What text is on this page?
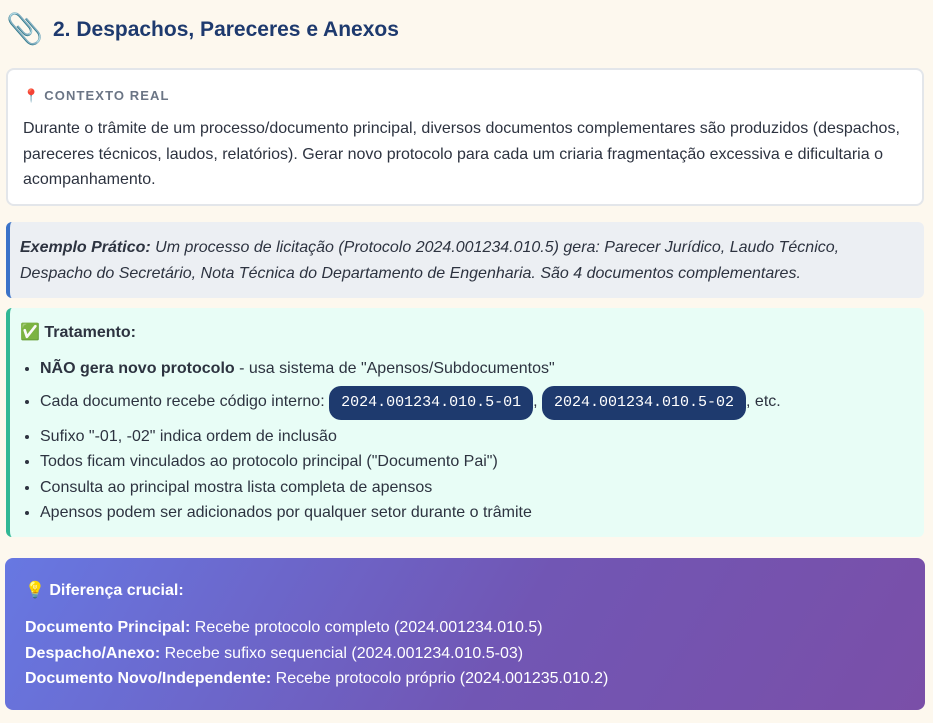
📎 2. Despachos, Pareceres e Anexos
📍 CONTEXTO REAL

Durante o trâmite de um processo/documento principal, diversos documentos complementares são produzidos (despachos, pareceres técnicos, laudos, relatórios). Gerar novo protocolo para cada um criaria fragmentação excessiva e dificultaria o acompanhamento.

Exemplo Prático: Um processo de licitação (Protocolo 2024.001234.010.5) gera: Parecer Jurídico, Laudo Técnico, Despacho do Secretário, Nota Técnica do Departamento de Engenharia. São 4 documentos complementares.
✅ Tratamento:
• NÃO gera novo protocolo - usa sistema de "Apensos/Subdocumentos"
• Cada documento recebe código interno: 2024.001234.010.5-01 , 2024.001234.010.5-02 , etc.
• Sufixo "-01, -02" indica ordem de inclusão
• Todos ficam vinculados ao protocolo principal ("Documento Pai")
• Consulta ao principal mostra lista completa de apensos
• Apensos podem ser adicionados por qualquer setor durante o trâmite
💡 Diferença crucial:
Documento Principal: Recebe protocolo completo (2024.001234.010.5)
Despacho/Anexo: Recebe sufixo sequencial (2024.001234.010.5-03)
Documento Novo/Independente: Recebe protocolo próprio (2024.001235.010.2)
